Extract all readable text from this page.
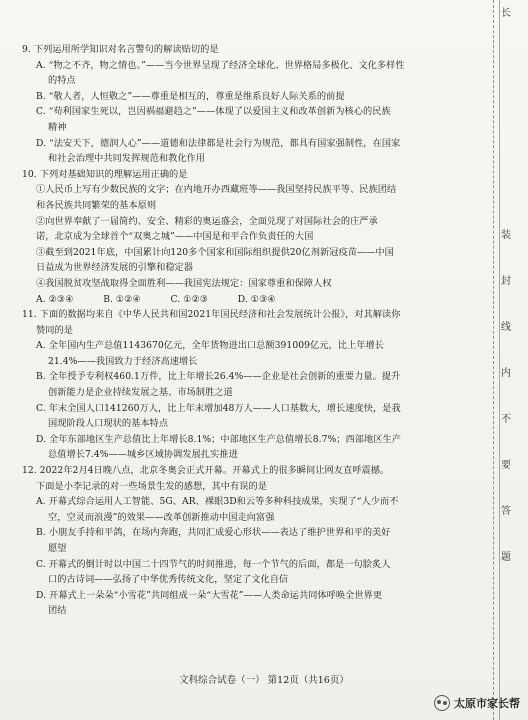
9. 下列运用所学知识对名言警句的解读贴切的是
A. “物之不齐，物之情也。”——当今世界呈现了经济全球化、世界格局多极化、文化多样性
的特点
B. “敬人者，人恒敬之”——尊重是相互的，尊重是维系良好人际关系的前提
C. “苟利国家生死以，岂因祸福避趋之”——体现了以爱国主义和改革创新为核心的民族
精神
D. “法安天下，德润人心”——道德和法律都是社会行为规范，都具有国家强制性，在国家
和社会治理中共同发挥规范和教化作用
10. 下列对基础知识的理解运用正确的是
①人民币上写有少数民族的文字；在内地开办西藏班等——我国坚持民族平等、民族团结
和各民族共同繁荣的基本原则
②向世界奉献了一届简约、安全、精彩的奥运盛会，全面兑现了对国际社会的庄严承
诺，北京成为全球首个“双奥之城”——中国是和平合作负责任的大国
③截至到2021年底，中国累计向120多个国家和国际组织提供20亿剂新冠疫苗——中国
日益成为世界经济发展的引擎和稳定器
④我国脱贫攻坚战取得全面胜利——我国宪法规定：国家尊重和保障人权
A. ②③④          B. ①②④          C. ①②③          D. ①③④
11. 下面的数据均来自《中华人民共和国2021年国民经济和社会发展统计公报》，对其解读你
赞同的是
A. 全年国内生产总值1143670亿元，全年货物进出口总额391009亿元，比上年增长
21.4%——我国致力于经济高速增长
B. 全年授予专利权460.1万件，比上年增长26.4%——企业是社会创新的重要力量。提升
创新能力是企业持续发展之基、市场制胜之道
C. 年末全国人口141260万人，比上年末增加48万人——人口基数大，增长速度快，是我
国现阶段人口现状的基本特点
D. 全年东部地区生产总值比上年增长8.1%；中部地区生产总值增长8.7%；西部地区生产
总值增长7.4%——城乡区域协调发展扎实推进
12. 2022年2月4日晚八点，北京冬奥会正式开幕。开幕式上的很多瞬间让网友直呼震撼。
下面是小李记录的对一些场景生发的感想，其中有误的是
A. 开幕式综合运用人工智能、5G、AR、裸眼3D和云等多种科技成果，实现了“人少而不
空，空灵而浪漫”的效果——改革创新推动中国走向富强
B. 小朋友手持和平鸽，在场内奔跑，共同汇成爱心形状——表达了维护世界和平的美好
愿望
C. 开幕式的倒计时以中国二十四节气的时间推进，每一个节气的后面，都是一句脍炙人
口的古诗词——弘扬了中华优秀传统文化，坚定了文化自信
D. 开幕式上一朵朵“小雪花”共同组成一朵“大雪花”——人类命运共同体呼唤全世界更
团结
长
装
封
线
内
不
要
答
题
文科综合试卷（一） 第12页（共16页）
太原市家长帮
